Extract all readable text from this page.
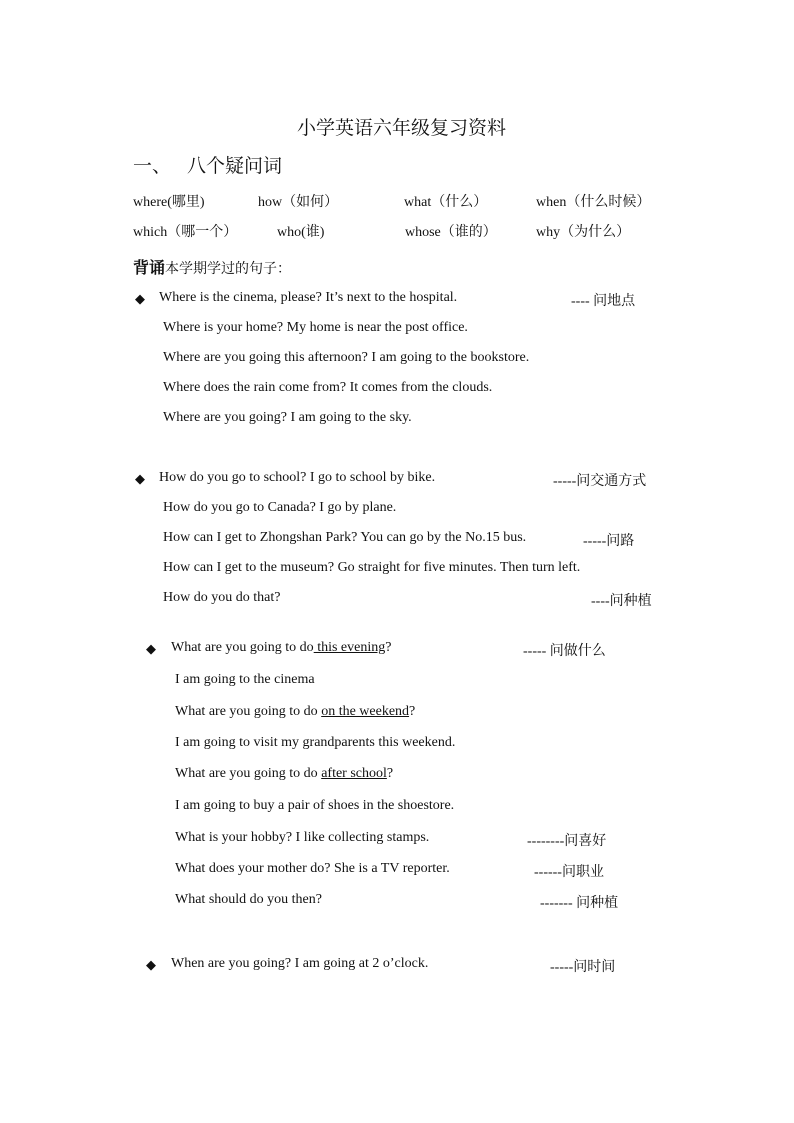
小学英语六年级复习资料
一、 八个疑问词
where(哪里)	how（如何）	what（什么）	when（什么时候）
which（哪一个）	who(谁)	whose（谁的）	why（为什么）
背诵本学期学过的句子：
◆ Where is the cinema, please? It’s next to the hospital.	---- 问地点
Where is your home? My home is near the post office.
Where are you going this afternoon? I am going to the bookstore.
Where does the rain come from? It comes from the clouds.
Where are you going? I am going to the sky.
◆ How do you go to school? I go to school by bike.	-----问交通方式
How do you go to Canada? I go by plane.
How can I get to Zhongshan Park? You can go by the No.15 bus.	-----问路
How can I get to the museum? Go straight for five minutes. Then turn left.
How do you do that?	----问种植
◆ What are you going to do this evening?	----- 问做什么
I am going to the cinema
What are you going to do on the weekend?
I am going to visit my grandparents this weekend.
What are you going to do after school?
I am going to buy a pair of shoes in the shoestore.
What is your hobby? I like collecting stamps.	--------问喜好
What does your mother do? She is a TV reporter.	------问职业
What should do you then?	------- 问种植
◆ When are you going? I am going at 2 o’clock.	-----问时间
